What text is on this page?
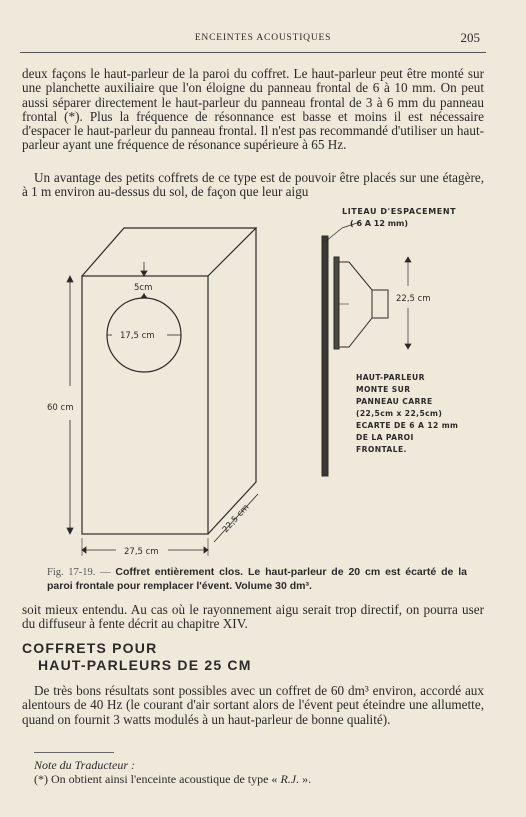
ENCEINTES ACOUSTIQUES	205

deux façons le haut-parleur de la paroi du coffret. Le haut-parleur peut être monté sur une planchette auxiliaire que l'on éloigne du panneau frontal de 6 à 10 mm. On peut aussi séparer directement le haut-parleur du panneau frontal de 3 à 6 mm du panneau frontal (*). Plus la fréquence de résonnance est basse et moins il est nécessaire d'espacer le haut-parleur du panneau frontal. Il n'est pas recommandé d'utiliser un haut-parleur ayant une fréquence de résonance supérieure à 65 Hz.

Un avantage des petits coffrets de ce type est de pouvoir être placés sur une étagère, à 1 m environ au-dessus du sol, de façon que leur aigu

5cm
17,5 cm
60 cm
27,5 cm
22,5 cm
LITEAU D'ESPACEMENT
( 6 A 12 mm)
22,5 cm
HAUT-PARLEUR
MONTE SUR
PANNEAU CARRE
(22,5cm x 22,5cm)
ECARTE DE 6 A 12 mm
DE LA PAROI
FRONTALE.
Fig. 17-19. — Coffret entièrement clos. Le haut-parleur de 20 cm est écarté de la paroi frontale pour remplacer l'évent. Volume 30 dm³.

soit mieux entendu. Au cas où le rayonnement aigu serait trop directif, on pourra user du diffuseur à fente décrit au chapitre XIV.

COFFRETS POUR
HAUT-PARLEURS DE 25 CM

De très bons résultats sont possibles avec un coffret de 60 dm³ environ, accordé aux alentours de 40 Hz (le courant d'air sortant alors de l'évent peut éteindre une allumette, quand on fournit 3 watts modulés à un haut-parleur de bonne qualité).

Note du Traducteur :
(*) On obtient ainsi l'enceinte acoustique de type « R.J. ».
